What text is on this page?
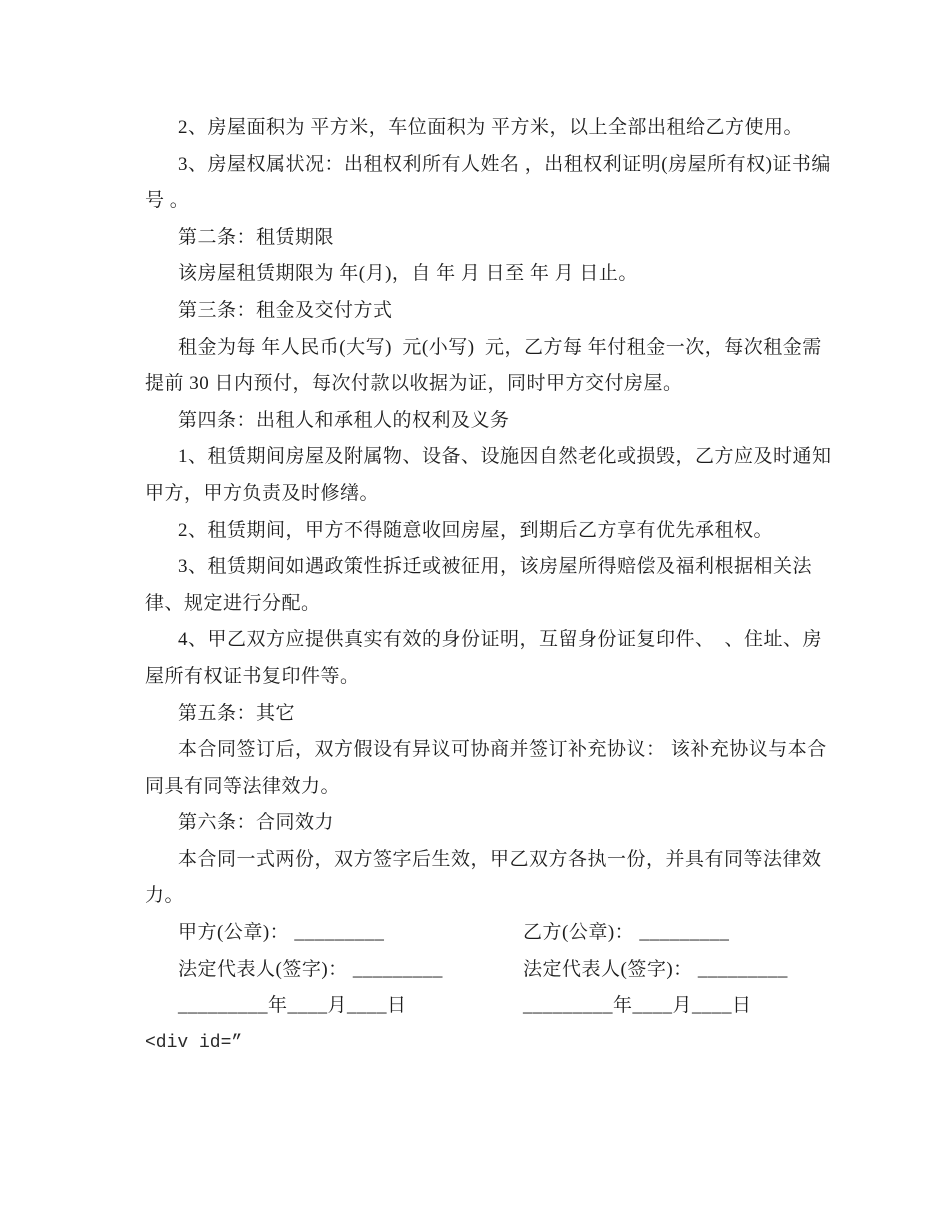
2、房屋面积为 平方米，车位面积为 平方米，以上全部出租给乙方使用。
3、房屋权属状况：出租权利所有人姓名 ，出租权利证明(房屋所有权)证书编
号 。
第二条：租赁期限
该房屋租赁期限为 年(月)，自 年 月 日至 年 月 日止。
第三条：租金及交付方式
租金为每 年人民币(大写)  元(小写)  元，乙方每 年付租金一次，每次租金需
提前 30 日内预付，每次付款以收据为证，同时甲方交付房屋。
第四条：出租人和承租人的权利及义务
1、租赁期间房屋及附属物、设备、设施因自然老化或损毁，乙方应及时通知
甲方，甲方负责及时修缮。
2、租赁期间，甲方不得随意收回房屋，到期后乙方享有优先承租权。
3、租赁期间如遇政策性拆迁或被征用，该房屋所得赔偿及福利根据相关法
律、规定进行分配。
4、甲乙双方应提供真实有效的身份证明，互留身份证复印件、　、住址、房
屋所有权证书复印件等。
第五条：其它
本合同签订后，双方假设有异议可协商并签订补充协议： 该补充协议与本合
同具有同等法律效力。
第六条：合同效力
本合同一式两份，双方签字后生效，甲乙双方各执一份，并具有同等法律效
力。
甲方(公章)： _________	乙方(公章)： _________
法定代表人(签字)： _________	法定代表人(签字)： _________
_________年____月____日	_________年____月____日
<div id=”
